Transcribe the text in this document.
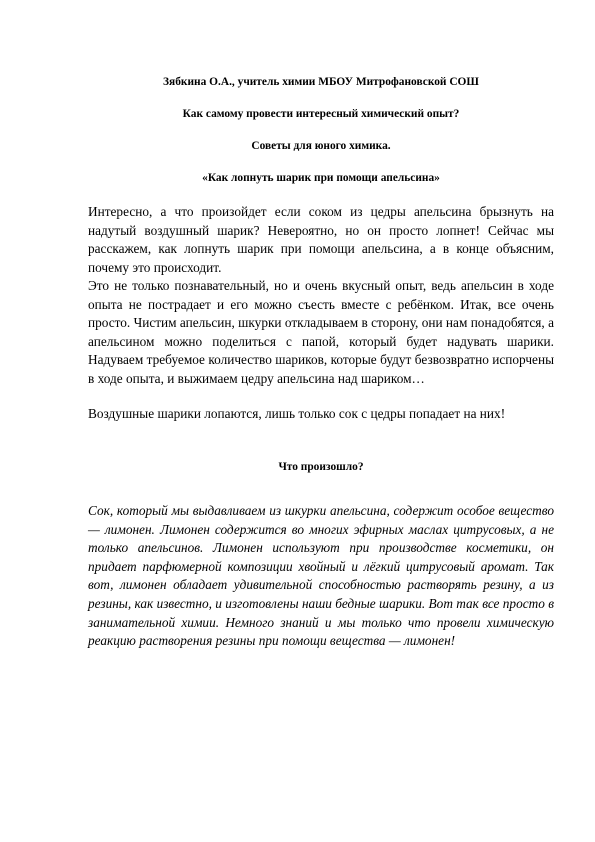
Зябкина О.А., учитель химии МБОУ Митрофановской СОШ
Как самому провести интересный химический опыт?
Советы для юного химика.
«Как лопнуть шарик при помощи апельсина»

Интересно, а что произойдет если соком из цедры апельсина брызнуть на надутый воздушный шарик? Невероятно, но он просто лопнет! Сейчас мы расскажем, как лопнуть шарик при помощи апельсина, а в конце объясним, почему это происходит.

Это не только познавательный, но и очень вкусный опыт, ведь апельсин в ходе опыта не пострадает и его можно съесть вместе с ребёнком. Итак, все очень просто. Чистим апельсин, шкурки откладываем в сторону, они нам понадобятся, а апельсином можно поделиться с папой, который будет надувать шарики. Надуваем требуемое количество шариков, которые будут безвозвратно испорчены в ходе опыта, и выжимаем цедру апельсина над шариком…

Воздушные шарики лопаются, лишь только сок с цедры попадает на них!

Что произошло?

Сок, который мы выдавливаем из шкурки апельсина, содержит особое вещество — лимонен. Лимонен содержится во многих эфирных маслах цитрусовых, а не только апельсинов. Лимонен используют при производстве косметики, он придает парфюмерной композиции хвойный и лёгкий цитрусовый аромат. Так вот, лимонен обладает удивительной способностью растворять резину, а из резины, как известно, и изготовлены наши бедные шарики. Вот так все просто в занимательной химии. Немного знаний и мы только что провели химическую реакцию растворения резины при помощи вещества — лимонен!
